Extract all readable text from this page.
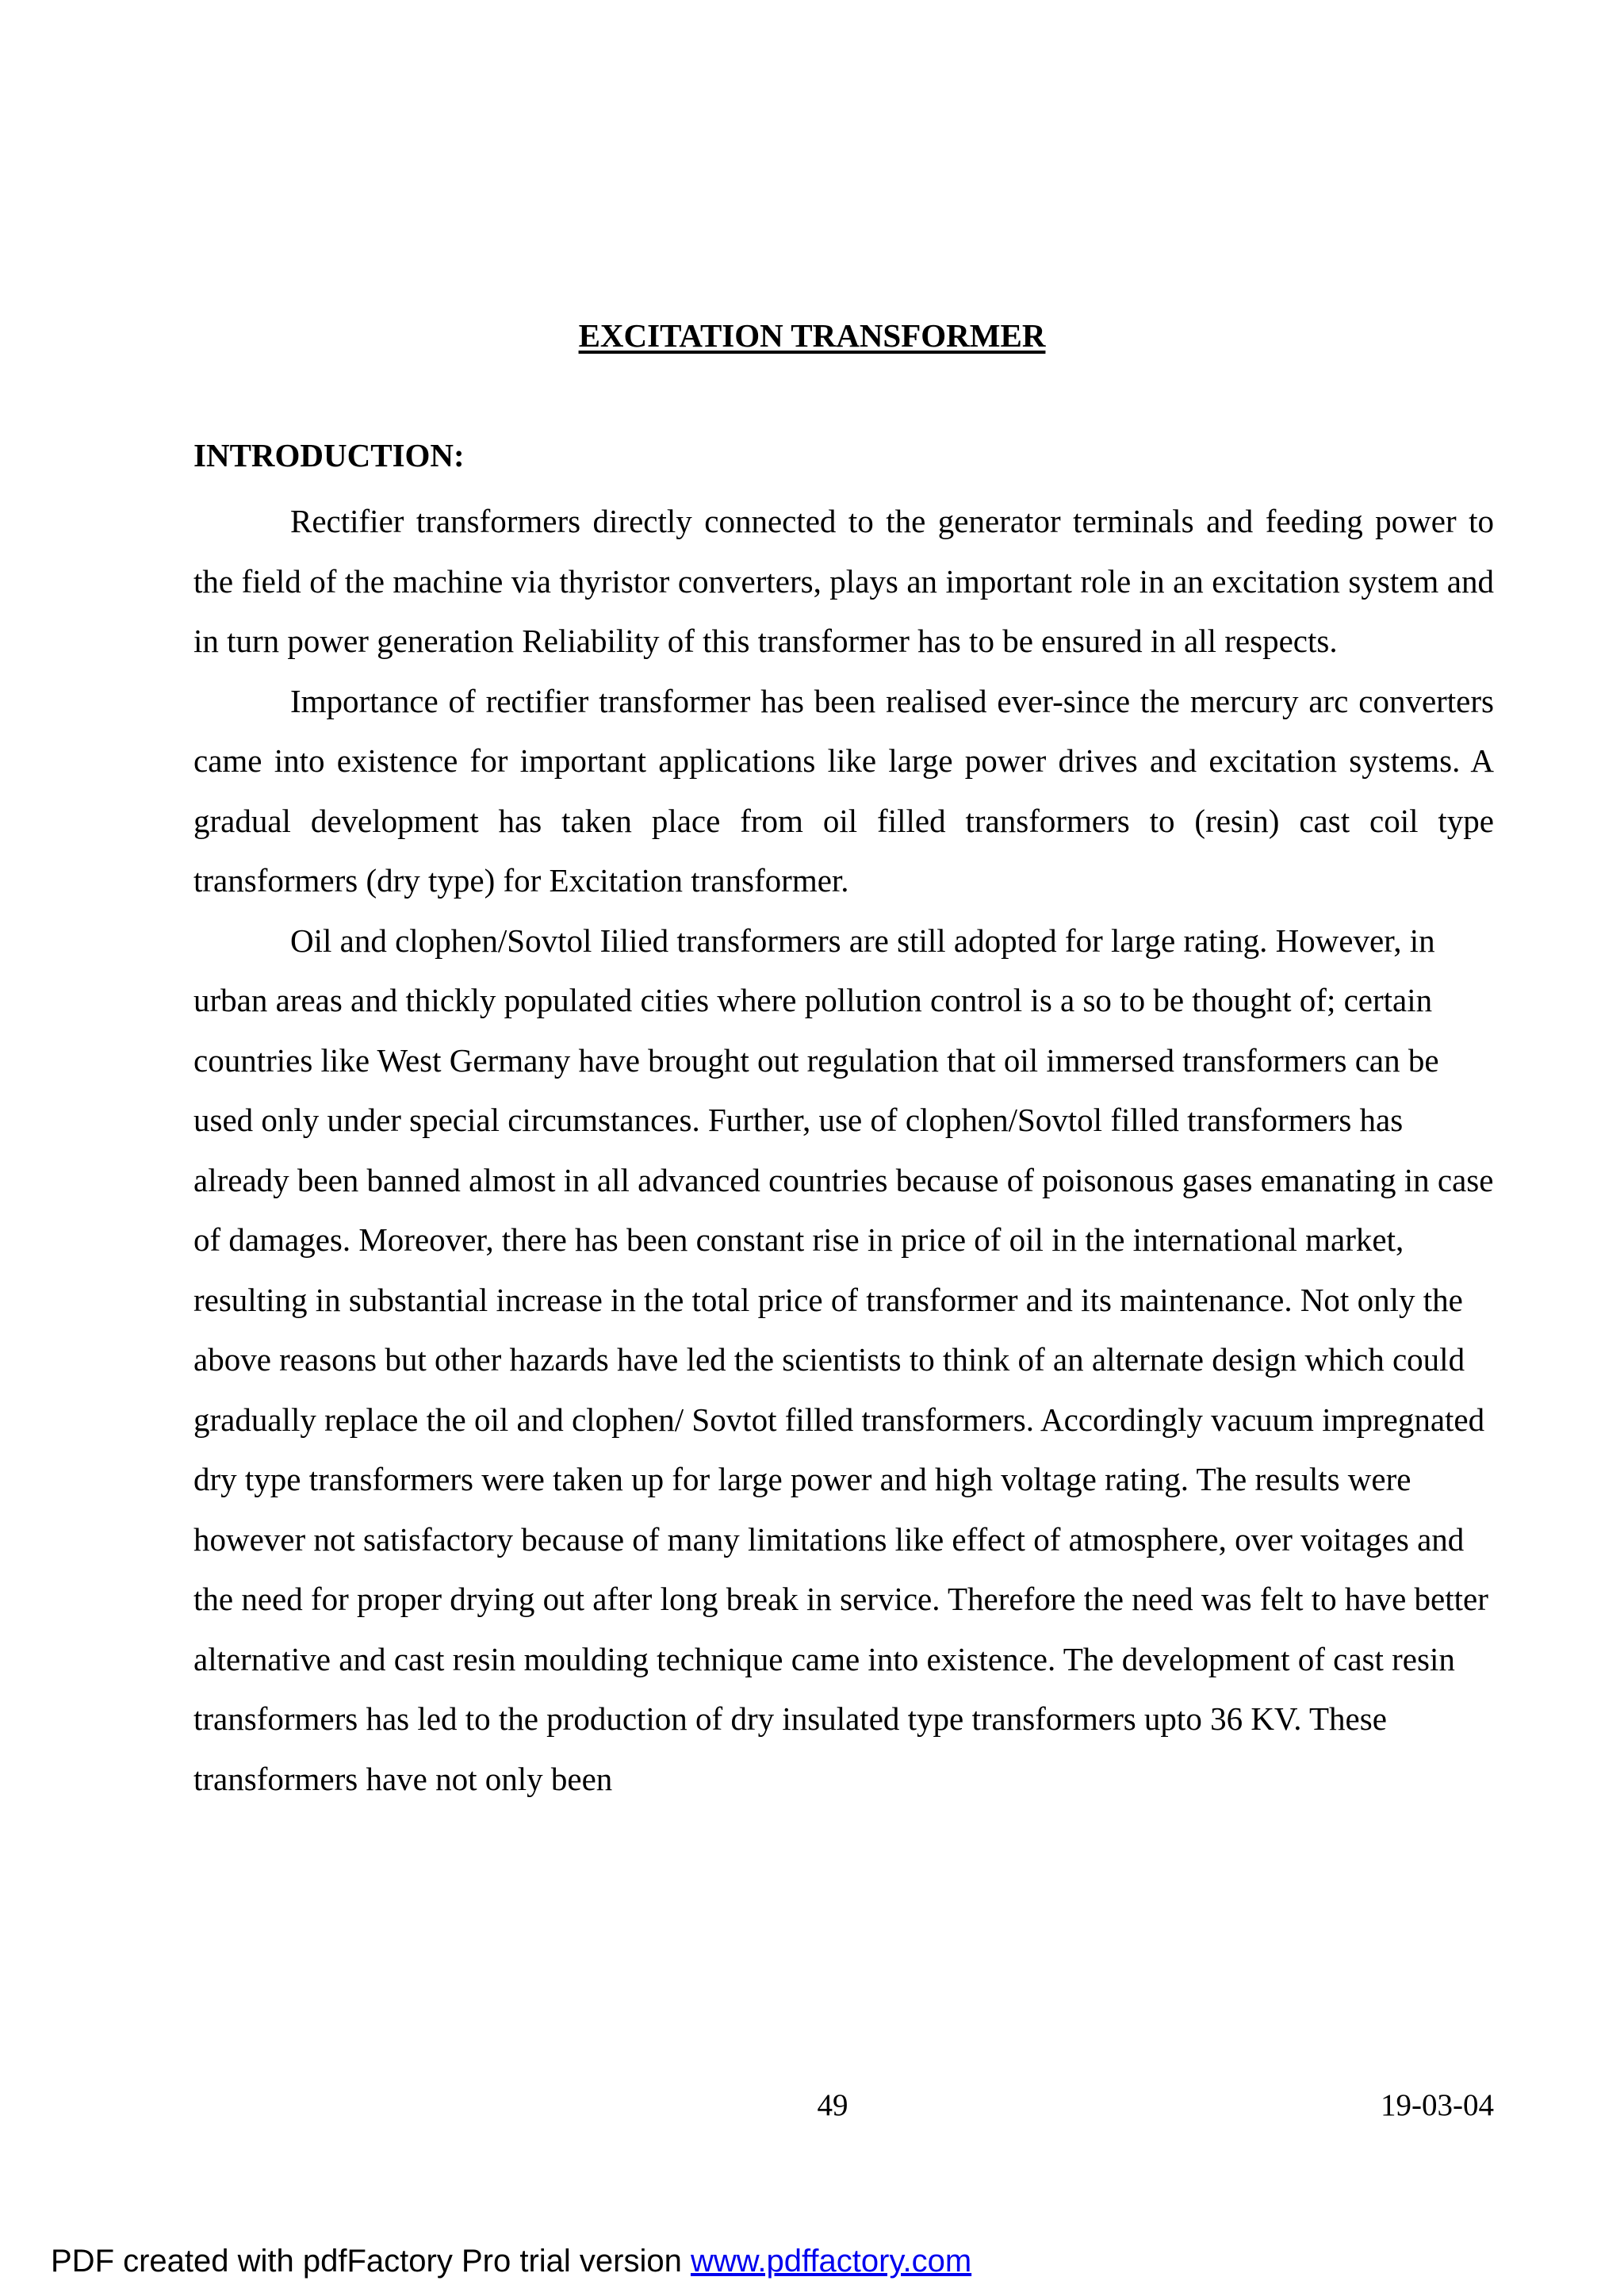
EXCITATION TRANSFORMER
INTRODUCTION:

Rectifier transformers directly connected to the generator terminals and feeding power to the field of the machine via thyristor converters, plays an important role in an excitation system and in turn power generation Reliability of this transformer has to be ensured in all respects.

Importance of rectifier transformer has been realised ever-since the mercury arc converters came into existence for important applications like large power drives and excitation systems. A gradual development has taken place from oil filled transformers to (resin) cast coil type transformers (dry type) for Excitation transformer.

Oil and clophen/Sovtol Iilied transformers are still adopted for large rating. However, in urban areas and thickly populated cities where pollution control is a so to be thought of; certain countries like West Germany have brought out regulation that oil immersed transformers can be used only under special circumstances. Further, use of clophen/Sovtol filled transformers has already been banned almost in all advanced countries because of poisonous gases emanating in case of damages. Moreover, there has been constant rise in price of oil in the international market, resulting in substantial increase in the total price of transformer and its maintenance. Not only the above reasons but other hazards have led the scientists to think of an alternate design which could gradually replace the oil and clophen/ Sovtot filled transformers. Accordingly vacuum impregnated dry type transformers were taken up for large power and high voltage rating. The results were however not satisfactory because of many limitations like effect of atmosphere, over voitages and the need for proper drying out after long break in service. Therefore the need was felt to have better alternative and cast resin moulding technique came into existence. The development of cast resin transformers has led to the production of dry insulated type transformers upto 36 KV. These transformers have not only been

49	19-03-04
PDF created with pdfFactory Pro trial version www.pdffactory.com
